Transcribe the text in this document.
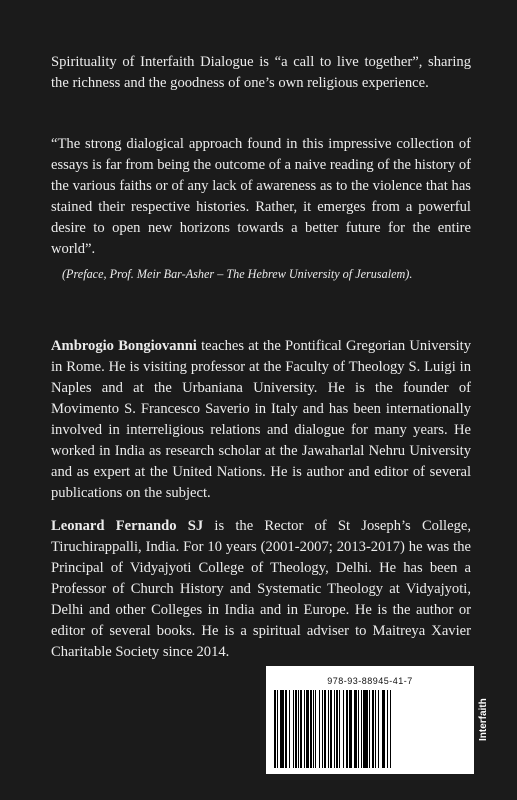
Spirituality of Interfaith Dialogue is “a call to live together”, sharing the richness and the goodness of one’s own religious experience.

“The strong dialogical approach found in this impressive collection of essays is far from being the outcome of a naive reading of the history of the various faiths or of any lack of awareness as to the violence that has stained their respective histories. Rather, it emerges from a powerful desire to open new horizons towards a better future for the entire world”.

(Preface, Prof. Meir Bar-Asher – The Hebrew University of Jerusalem).

Ambrogio Bongiovanni teaches at the Pontifical Gregorian University in Rome. He is visiting professor at the Faculty of Theology S. Luigi in Naples and at the Urbaniana University. He is the founder of Movimento S. Francesco Saverio in Italy and has been internationally involved in interreligious relations and dialogue for many years. He worked in India as research scholar at the Jawaharlal Nehru University and as expert at the United Nations. He is author and editor of several publications on the subject.

Leonard Fernando SJ is the Rector of St Joseph’s College, Tiruchirappalli, India. For 10 years (2001-2007; 2013-2017) he was the Principal of Vidyajyoti College of Theology, Delhi. He has been a Professor of Church History and Systematic Theology at Vidyajyoti, Delhi and other Colleges in India and in Europe. He is the author or editor of several books. He is a spiritual adviser to Maitreya Xavier Charitable Society since 2014.

978-93-88945-41-7
Interfaith
